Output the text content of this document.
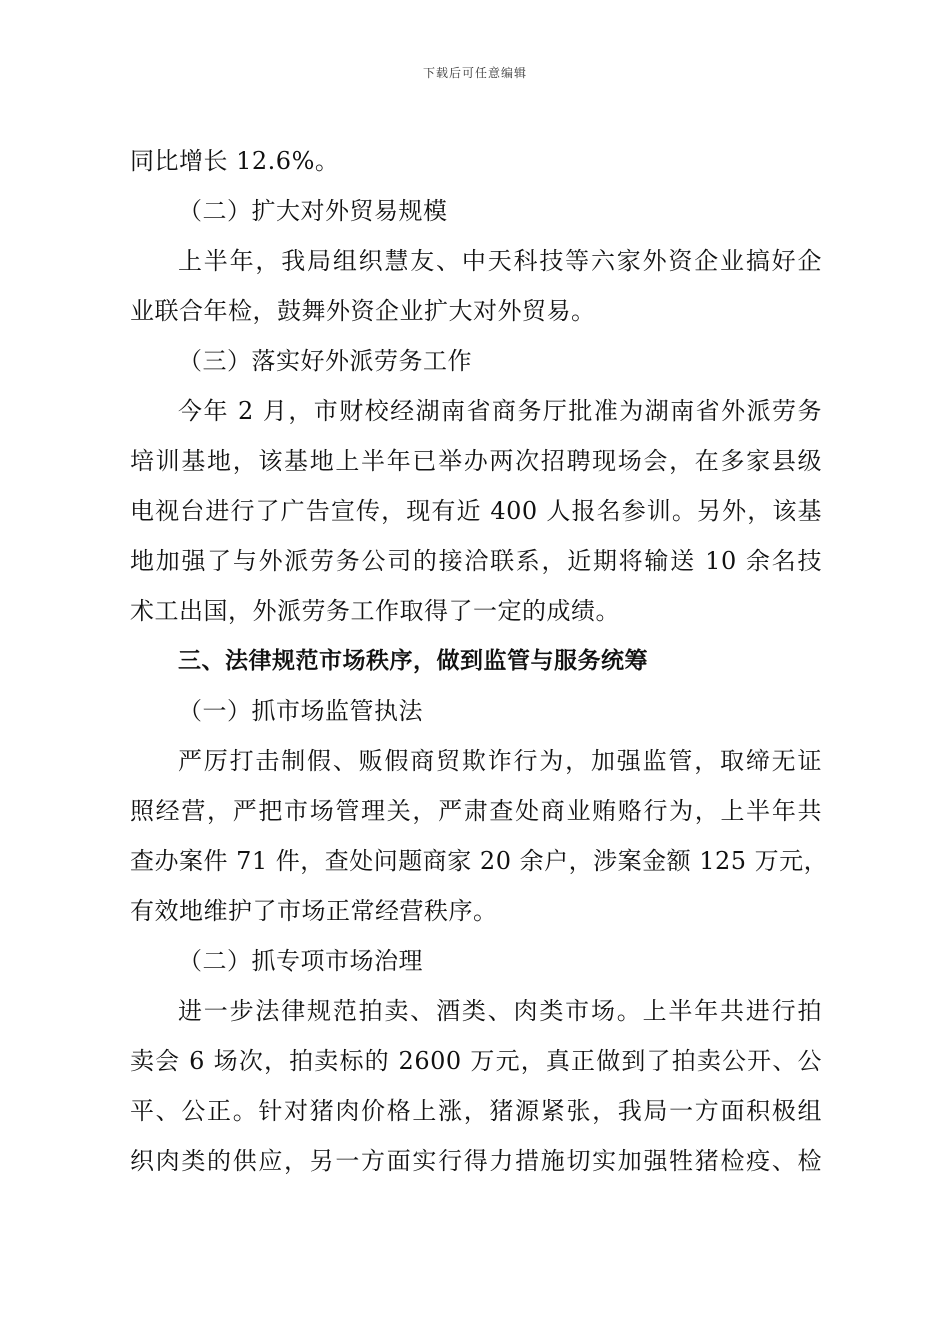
下载后可任意编辑
同比增长 12.6%。
（二）扩大对外贸易规模
上半年，我局组织慧友、中天科技等六家外资企业搞好企
业联合年检，鼓舞外资企业扩大对外贸易。
（三）落实好外派劳务工作
今年 2 月，市财校经湖南省商务厅批准为湖南省外派劳务
培训基地，该基地上半年已举办两次招聘现场会，在多家县级
电视台进行了广告宣传，现有近 400 人报名参训。另外，该基
地加强了与外派劳务公司的接洽联系，近期将输送 10 余名技
术工出国，外派劳务工作取得了一定的成绩。
三、法律规范市场秩序，做到监管与服务统筹
（一）抓市场监管执法
严厉打击制假、贩假商贸欺诈行为，加强监管，取缔无证
照经营，严把市场管理关，严肃查处商业贿赂行为，上半年共
查办案件 71 件，查处问题商家 20 余户，涉案金额 125 万元，
有效地维护了市场正常经营秩序。
（二）抓专项市场治理
进一步法律规范拍卖、酒类、肉类市场。上半年共进行拍
卖会 6 场次，拍卖标的 2600 万元，真正做到了拍卖公开、公
平、公正。针对猪肉价格上涨，猪源紧张，我局一方面积极组
织肉类的供应，另一方面实行得力措施切实加强牲猪检疫、检
